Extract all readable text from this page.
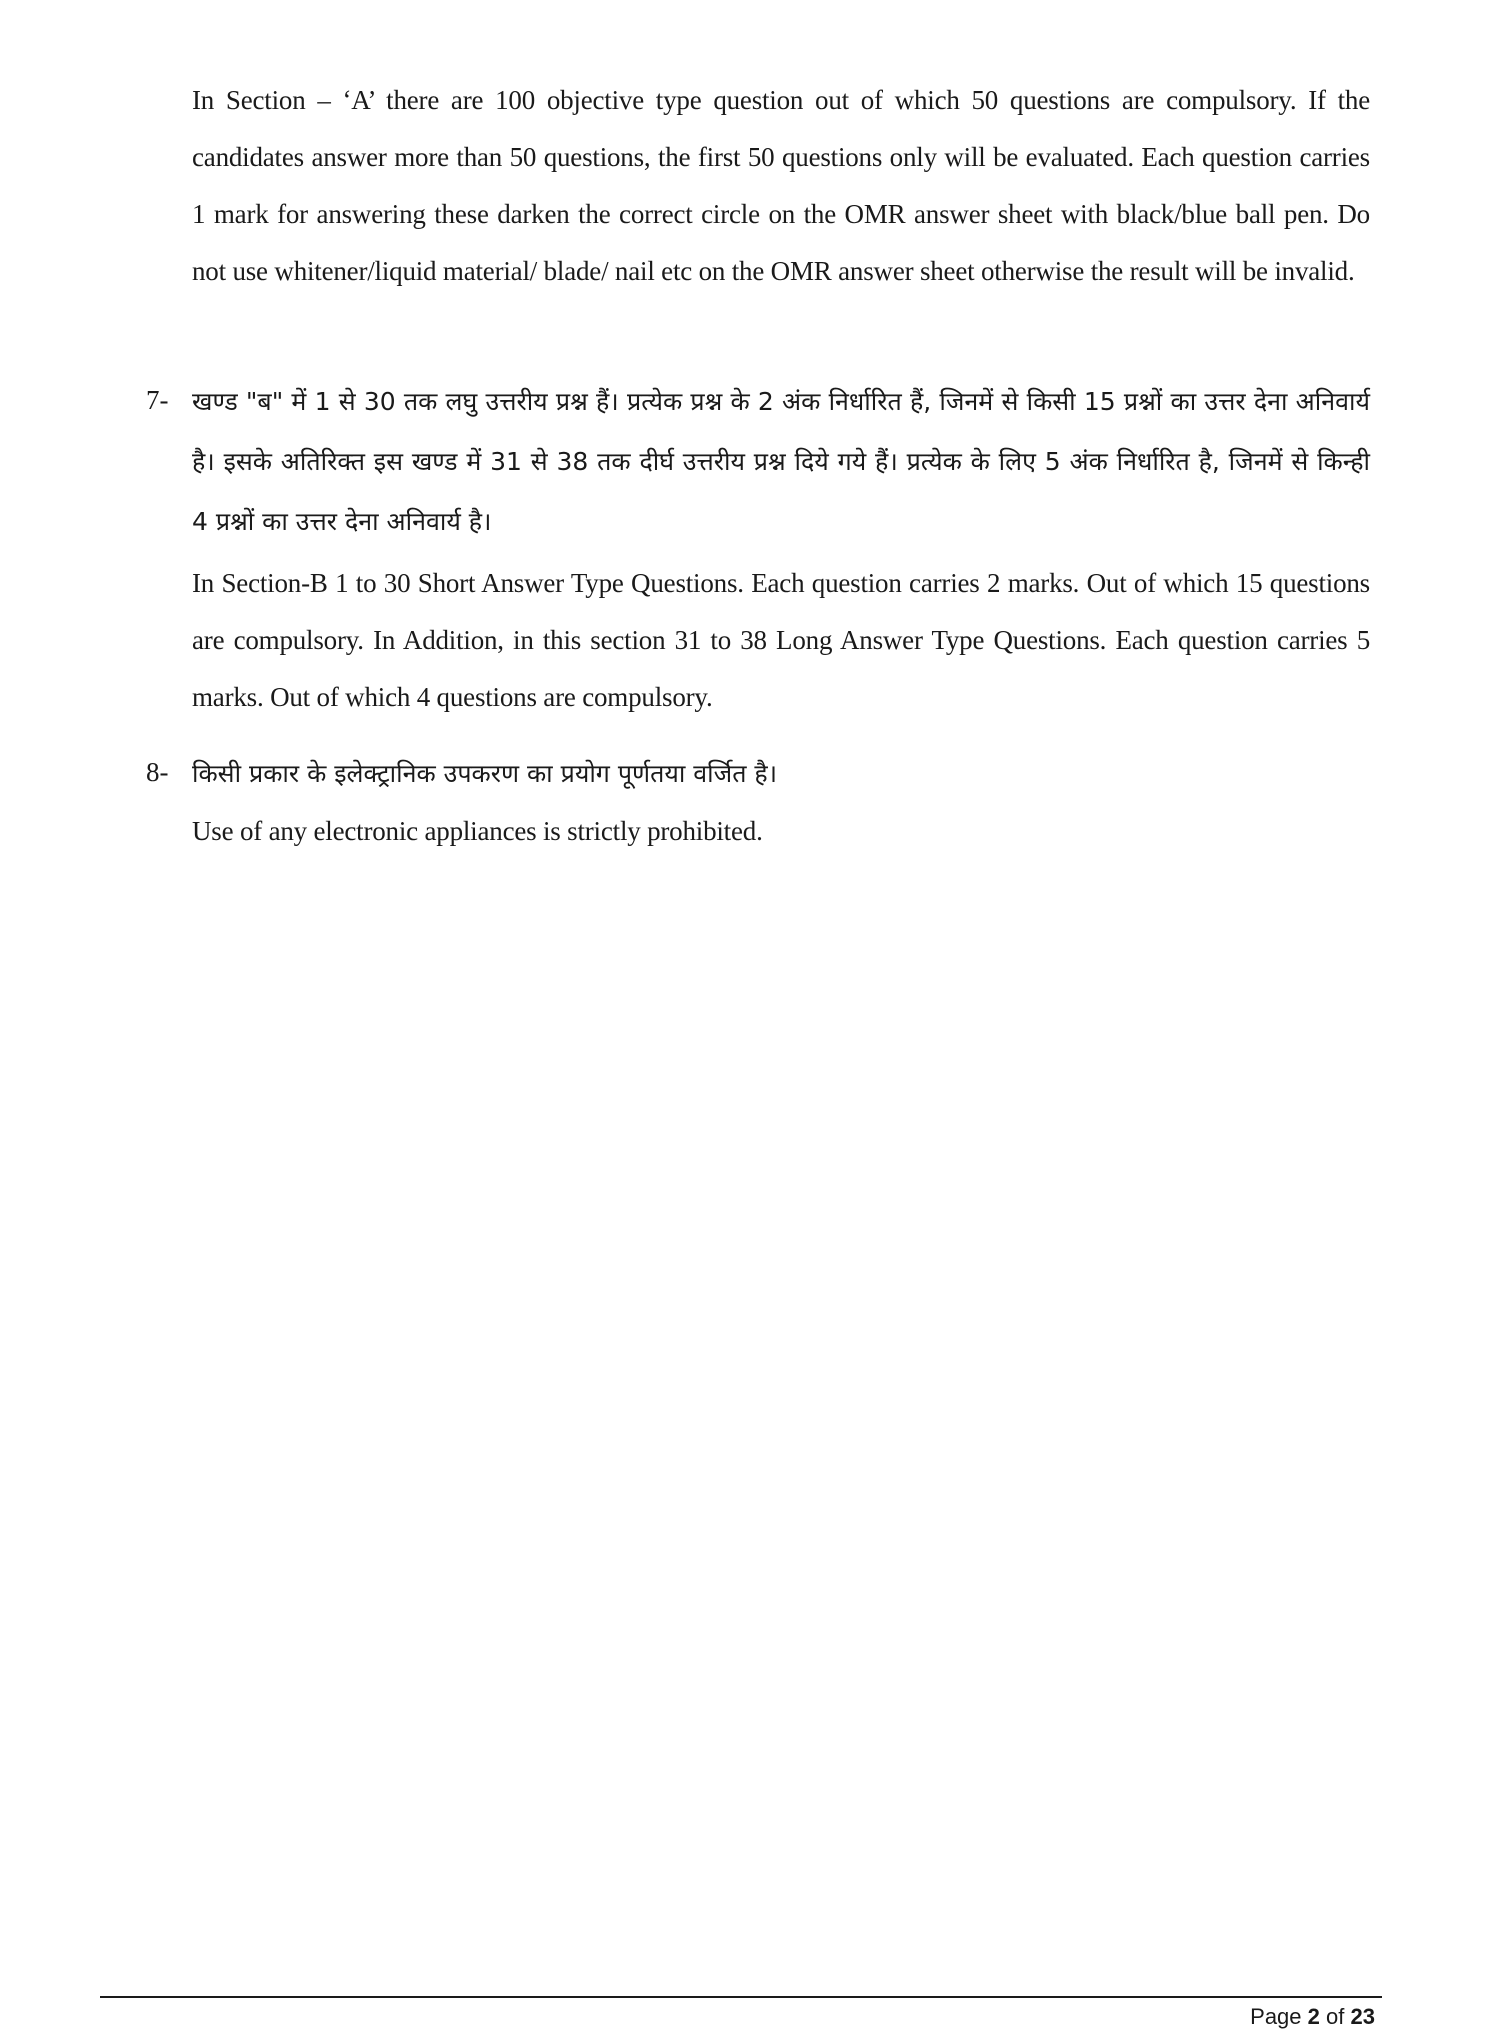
In Section – ‘A’ there are 100 objective type question out of which 50 questions are compulsory. If the candidates answer more than 50 questions, the first 50 questions only will be evaluated. Each question carries 1 mark for answering these darken the correct circle on the OMR answer sheet with black/blue ball pen. Do not use whitener/liquid material/ blade/ nail etc on the OMR answer sheet otherwise the result will be invalid.
7- खण्ड "ब" में 1 से 30 तक लघु उत्तरीय प्रश्न हैं। प्रत्येक प्रश्न के 2 अंक निर्धारित हैं, जिनमें से किसी 15 प्रश्नों का उत्तर देना अनिवार्य है। इसके अतिरिक्त इस खण्ड में 31 से 38 तक दीर्घ उत्तरीय प्रश्न दिये गये हैं। प्रत्येक के लिए 5 अंक निर्धारित है, जिनमें से किन्ही 4 प्रश्नों का उत्तर देना अनिवार्य है।
In Section-B 1 to 30 Short Answer Type Questions. Each question carries 2 marks. Out of which 15 questions are compulsory. In Addition, in this section 31 to 38 Long Answer Type Questions. Each question carries 5 marks. Out of which 4 questions are compulsory.
8- किसी प्रकार के इलेक्ट्रानिक उपकरण का प्रयोग पूर्णतया वर्जित है।
Use of any electronic appliances is strictly prohibited.
Page 2 of 23
